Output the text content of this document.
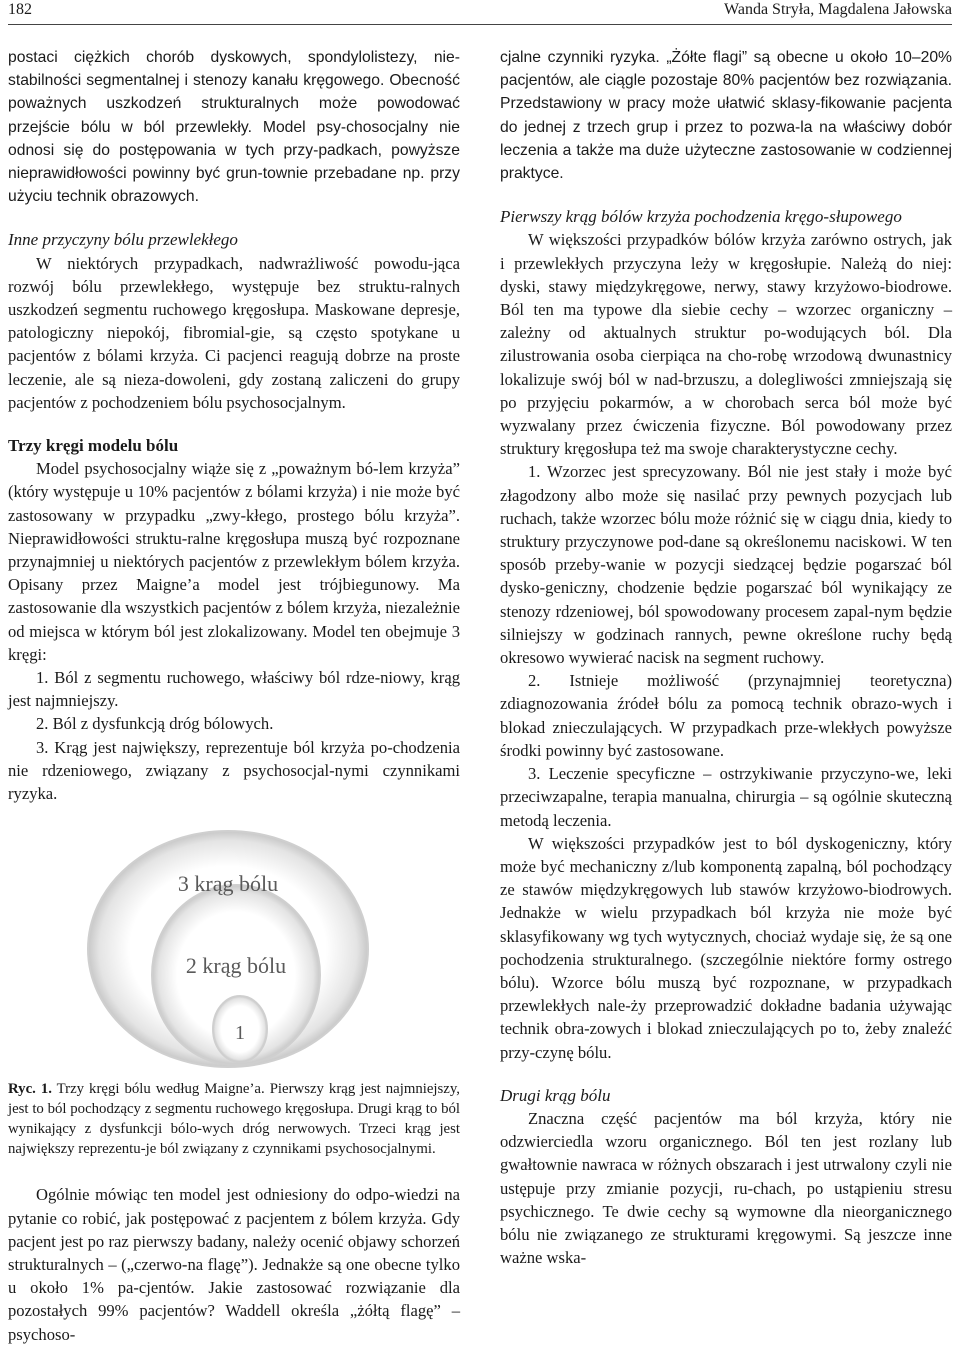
182	Wanda Stryła, Magdalena Jałowska

postaci ciężkich chorób dyskowych, spondylolistezy, nie-stabilności segmentalnej i stenozy kanału kręgowego. Obecność poważnych uszkodzeń strukturalnych może powodować przejście bólu w ból przewlekły. Model psy-chosocjalny nie odnosi się do postępowania w tych przy-padkach, powyższe nieprawidłowości powinny być grun-townie przebadane np. przy użyciu technik obrazowych.

Inne przyczyny bólu przewlekłego

W niektórych przypadkach, nadwrażliwość powodu-jąca rozwój bólu przewlekłego, występuje bez struktu-ralnych uszkodzeń segmentu ruchowego kręgosłupa. Maskowane depresje, patologiczny niepokój, fibromial-gie, są często spotykane u pacjentów z bólami krzyża. Ci pacjenci reagują dobrze na proste leczenie, ale są nieza-dowoleni, gdy zostaną zaliczeni do grupy pacjentów z pochodzeniem bólu psychosocjalnym.

Trzy kręgi modelu bólu

Model psychosocjalny wiąże się z „poważnym bó-lem krzyża” (który występuje u 10% pacjentów z bólami krzyża) i nie może być zastosowany w przypadku „zwy-kłego, prostego bólu krzyża”. Nieprawidłowości struktu-ralne kręgosłupa muszą być rozpoznane przynajmniej u niektórych pacjentów z przewlekłym bólem krzyża. Opisany przez Maigne’a model jest trójbiegunowy. Ma zastosowanie dla wszystkich pacjentów z bólem krzyża, niezależnie od miejsca w którym ból jest zlokalizowany. Model ten obejmuje 3 kręgi:

1. Ból z segmentu ruchowego, właściwy ból rdze-niowy, krąg jest najmniejszy.

2. Ból z dysfunkcją dróg bólowych.

3. Krąg jest największy, reprezentuje ból krzyża po-chodzenia nie rdzeniowego, związany z psychosocjal-nymi czynnikami ryzyka.

3 krąg bólu
2 krąg bólu
1

Ryc. 1. Trzy kręgi bólu według Maigne’a. Pierwszy krąg jest najmniejszy, jest to ból pochodzący z segmentu ruchowego kręgosłupa. Drugi krąg to ból wynikający z dysfunkcji bólo-wych dróg nerwowych. Trzeci krąg jest największy reprezentu-je ból związany z czynnikami psychosocjalnymi.

Ogólnie mówiąc ten model jest odniesiony do odpo-wiedzi na pytanie co robić, jak postępować z pacjentem z bólem krzyża. Gdy pacjent jest po raz pierwszy badany, należy ocenić objawy schorzeń strukturalnych – („czerwo-na flagę”). Jednakże są one obecne tylko u około 1% pa-cjentów. Jakie zastosować rozwiązanie dla pozostałych 99% pacjentów? Waddell określa „żółtą flagę” – psychoso-

cjalne czynniki ryzyka. „Żółte flagi” są obecne u około 10–20% pacjentów, ale ciągle pozostaje 80% pacjentów bez rozwiązania. Przedstawiony w pracy może ułatwić sklasy-fikowanie pacjenta do jednej z trzech grup i przez to pozwa-la na właściwy dobór leczenia a także ma duże użyteczne zastosowanie w codziennej praktyce.

Pierwszy krąg bólów krzyża pochodzenia kręgo-słupowego

W większości przypadków bólów krzyża zarówno ostrych, jak i przewlekłych przyczyna leży w kręgosłupie. Należą do niej: dyski, stawy międzykręgowe, nerwy, stawy krzyżowo-biodrowe. Ból ten ma typowe dla siebie cechy – wzorzec organiczny – zależny od aktualnych struktur po-wodujących ból. Dla zilustrowania osoba cierpiąca na cho-robę wrzodową dwunastnicy lokalizuje swój ból w nad-brzuszu, a dolegliwości zmniejszają się po przyjęciu pokarmów, a w chorobach serca ból może być wyzwalany przez ćwiczenia fizyczne. Ból powodowany przez struktury kręgosłupa też ma swoje charakterystyczne cechy.

1. Wzorzec jest sprecyzowany. Ból nie jest stały i może być złagodzony albo może się nasilać przy pewnych pozycjach lub ruchach, także wzorzec bólu może różnić się w ciągu dnia, kiedy to struktury przyczynowe pod-dane są określonemu naciskowi. W ten sposób przeby-wanie w pozycji siedzącej będzie pogarszać ból dysko-geniczny, chodzenie będzie pogarszać ból wynikający ze stenozy rdzeniowej, ból spowodowany procesem zapal-nym będzie silniejszy w godzinach rannych, pewne określone ruchy będą okresowo wywierać nacisk na segment ruchowy.

2. Istnieje możliwość (przynajmniej teoretyczna) zdiagnozowania źródeł bólu za pomocą technik obrazo-wych i blokad znieczulających. W przypadkach prze-wlekłych powyższe środki powinny być zastosowane.

3. Leczenie specyficzne – ostrzykiwanie przyczyno-we, leki przeciwzapalne, terapia manualna, chirurgia – są ogólnie skuteczną metodą leczenia.

W większości przypadków jest to ból dyskogeniczny, który może być mechaniczny z/lub komponentą zapalną, ból pochodzący ze stawów międzykręgowych lub stawów krzyżowo-biodrowych. Jednakże w wielu przypadkach ból krzyża nie może być sklasyfikowany wg tych wytycznych, chociaż wydaje się, że są one pochodzenia strukturalnego. (szczególnie niektóre formy ostrego bólu). Wzorce bólu muszą być rozpoznane, w przypadkach przewlekłych nale-ży przeprowadzić dokładne badania używając technik obra-zowych i blokad znieczulających po to, żeby znaleźć przy-czynę bólu.

Drugi krąg bólu

Znaczna część pacjentów ma ból krzyża, który nie odzwierciedla wzoru organicznego. Ból ten jest rozlany lub gwałtownie nawraca w różnych obszarach i jest utrwalony czyli nie ustępuje przy zmianie pozycji, ru-chach, po ustąpieniu stresu psychicznego. Te dwie cechy są wymowne dla nieorganicznego bólu nie związanego ze strukturami kręgowymi. Są jeszcze inne ważne wska-
